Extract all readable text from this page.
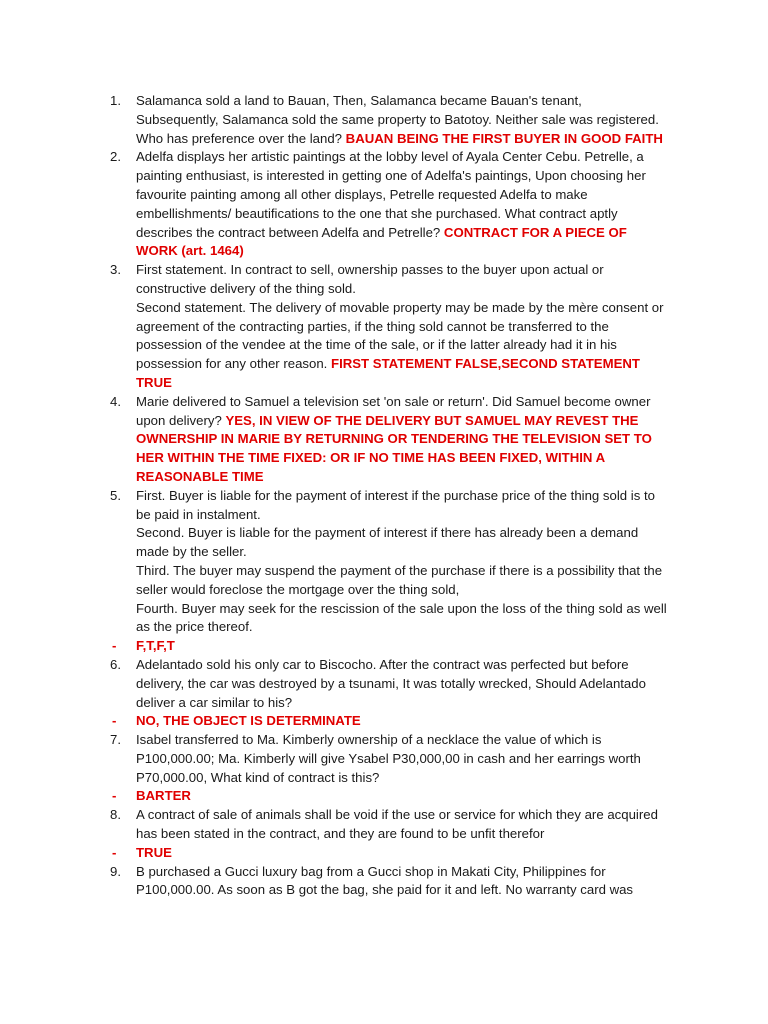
1.	Salamanca sold a land to Bauan, Then, Salamanca became Bauan's tenant, Subsequently, Salamanca sold the same property to Batotoy. Neither sale was registered. Who has preference over the land? BAUAN BEING THE FIRST BUYER IN GOOD FAITH
2.	Adelfa displays her artistic paintings at the lobby level of Ayala Center Cebu. Petrelle, a painting enthusiast, is interested in getting one of Adelfa's paintings, Upon choosing her favourite painting among all other displays, Petrelle requested Adelfa to make embellishments/ beautifications to the one that she purchased. What contract aptly describes the contract between Adelfa and Petrelle? CONTRACT FOR A PIECE OF WORK (art. 1464)
3.	First statement. In contract to sell, ownership passes to the buyer upon actual or constructive delivery of the thing sold.
Second statement. The delivery of movable property may be made by the mère consent or agreement of the contracting parties, if the thing sold cannot be transferred to the possession of the vendee at the time of the sale, or if the latter already had it in his possession for any other reason. FIRST STATEMENT FALSE,SECOND STATEMENT TRUE
4.	Marie delivered to Samuel a television set 'on sale or return'. Did Samuel become owner upon delivery? YES, IN VIEW OF THE DELIVERY BUT SAMUEL MAY REVEST THE OWNERSHIP IN MARIE BY RETURNING OR TENDERING THE TELEVISION SET TO HER WITHIN THE TIME FIXED: OR IF NO TIME HAS BEEN FIXED, WITHIN A REASONABLE TIME
5.	First. Buyer is liable for the payment of interest if the purchase price of the thing sold is to be paid in instalment.
Second. Buyer is liable for the payment of interest if there has already been a demand made by the seller.
Third. The buyer may suspend the payment of the purchase if there is a possibility that the seller would foreclose the mortgage over the thing sold,
Fourth. Buyer may seek for the rescission of the sale upon the loss of the thing sold as well as the price thereof.
-	F,T,F,T
6.	Adelantado sold his only car to Biscocho. After the contract was perfected but before delivery, the car was destroyed by a tsunami, It was totally wrecked, Should Adelantado deliver a car similar to his?
-	NO, THE OBJECT IS DETERMINATE
7.	Isabel transferred to Ma. Kimberly ownership of a necklace the value of which is P100,000.00; Ma. Kimberly will give Ysabel P30,000,00 in cash and her earrings worth P70,000.00, What kind of contract is this?
-	BARTER
8.	A contract of sale of animals shall be void if the use or service for which they are acquired has been stated in the contract, and they are found to be unfit therefor
-	TRUE
9.	B purchased a Gucci luxury bag from a Gucci shop in Makati City, Philippines for P100,000.00. As soon as B got the bag, she paid for it and left. No warranty card was
